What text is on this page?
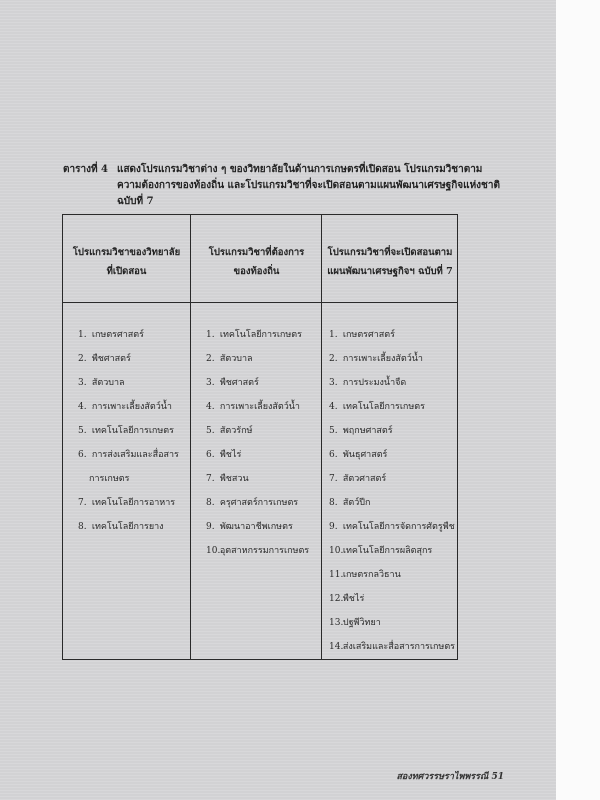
ตารางที่ 4 แสดงโปรแกรมวิชาต่าง ๆ ของวิทยาลัยในด้านการเกษตรที่เปิดสอน โปรแกรมวิชาตาม
ความต้องการของท้องถิ่น และโปรแกรมวิชาที่จะเปิดสอนตามแผนพัฒนาเศรษฐกิจแห่งชาติ
ฉบับที่ 7
โปรแกรมวิชาของวิทยาลัย
ที่เปิดสอน
1. เกษตรศาสตร์
2. พืชศาสตร์
3. สัตวบาล
4. การเพาะเลี้ยงสัตว์น้ำ
5. เทคโนโลยีการเกษตร
6. การส่งเสริมและสื่อสาร
การเกษตร
7. เทคโนโลยีการอาหาร
8. เทคโนโลยีการยาง
โปรแกรมวิชาที่ต้องการ
ของท้องถิ่น
1. เทคโนโลยีการเกษตร
2. สัตวบาล
3. พืชศาสตร์
4. การเพาะเลี้ยงสัตว์น้ำ
5. สัตวรักษ์
6. พืชไร่
7. พืชสวน
8. ครุศาสตร์การเกษตร
9. พัฒนาอาชีพเกษตร
10. อุตสาหกรรมการเกษตร
โปรแกรมวิชาที่จะเปิดสอนตาม
แผนพัฒนาเศรษฐกิจฯ ฉบับที่ 7
1. เกษตรศาสตร์
2. การเพาะเลี้ยงสัตว์น้ำ
3. การประมงน้ำจืด
4. เทคโนโลยีการเกษตร
5. พฤกษศาสตร์
6. พันธุศาสตร์
7. สัตวศาสตร์
8. สัตว์ปีก
9. เทคโนโลยีการจัดการศัตรูพืช
10. เทคโนโลยีการผลิตสุกร
11. เกษตรกลวิธาน
12. พืชไร่
13. ปฐพีวิทยา
14. ส่งเสริมและสื่อสารการเกษตร
สองทศวรรษราไพพรรณี 51
